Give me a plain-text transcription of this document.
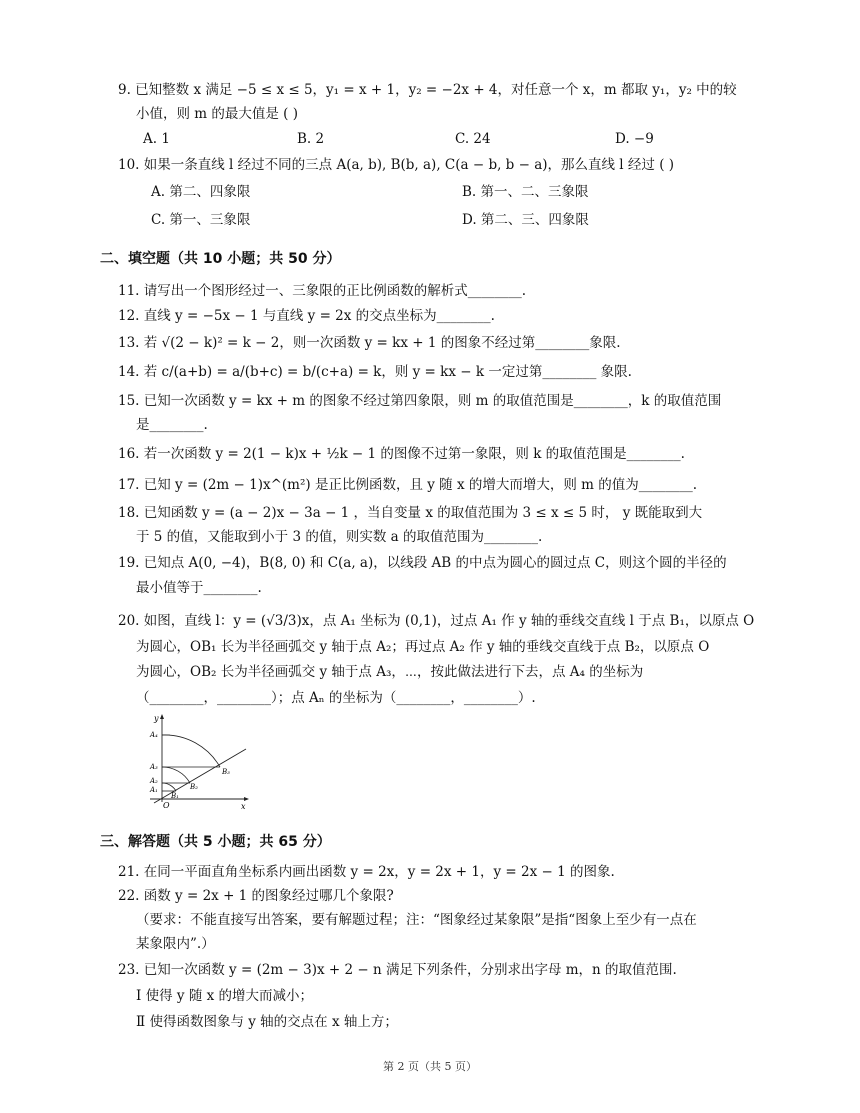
9. 已知整数 x 满足 −5 ≤ x ≤ 5，y₁ = x + 1，y₂ = −2x + 4，对任意一个 x，m 都取 y₁，y₂ 中的较
小值，则 m 的最大值是 ( )
A. 1	B. 2	C. 24	D. −9
10. 如果一条直线 l 经过不同的三点 A(a, b), B(b, a), C(a − b, b − a)，那么直线 l 经过 ( )
A. 第二、四象限	B. 第一、二、三象限
C. 第一、三象限	D. 第二、三、四象限
二、填空题（共 10 小题；共 50 分）
11. 请写出一个图形经过一、三象限的正比例函数的解析式________.
12. 直线 y = −5x − 1 与直线 y = 2x 的交点坐标为________.
13. 若 √(2 − k)² = k − 2，则一次函数 y = kx + 1 的图象不经过第________象限.
14. 若 c/(a+b) = a/(b+c) = b/(c+a) = k，则 y = kx − k 一定过第________ 象限.
15. 已知一次函数 y = kx + m 的图象不经过第四象限，则 m 的取值范围是________，k 的取值范围
是________.
16. 若一次函数 y = 2(1 − k)x + ½k − 1 的图像不过第一象限，则 k 的取值范围是________.
17. 已知 y = (2m − 1)x^(m²) 是正比例函数，且 y 随 x 的增大而增大，则 m 的值为________.
18. 已知函数 y = (a − 2)x − 3a − 1 ，当自变量 x 的取值范围为 3 ≤ x ≤ 5 时， y 既能取到大
于 5 的值，又能取到小于 3 的值，则实数 a 的取值范围为________.
19. 已知点 A(0, −4)，B(8, 0) 和 C(a, a)，以线段 AB 的中点为圆心的圆过点 C，则这个圆的半径的
最小值等于________.
20. 如图，直线 l：y = (√3/3)x，点 A₁ 坐标为 (0,1)，过点 A₁ 作 y 轴的垂线交直线 l 于点 B₁，以原点 O
为圆心，OB₁ 长为半径画弧交 y 轴于点 A₂；再过点 A₂ 作 y 轴的垂线交直线于点 B₂，以原点 O
为圆心，OB₂ 长为半径画弧交 y 轴于点 A₃，⋯，按此做法进行下去，点 A₄ 的坐标为
（________，________）；点 Aₙ 的坐标为（________，________）.
y
x
O
A₄
A₃
A₂
A₁
B₁
B₂
B₃
三、解答题（共 5 小题；共 65 分）
21. 在同一平面直角坐标系内画出函数 y = 2x，y = 2x + 1，y = 2x − 1 的图象.
22. 函数 y = 2x + 1 的图象经过哪几个象限?
（要求：不能直接写出答案，要有解题过程；注：“图象经过某象限”是指“图象上至少有一点在
某象限内”.）
23. 已知一次函数 y = (2m − 3)x + 2 − n 满足下列条件，分别求出字母 m，n 的取值范围.
Ⅰ 使得 y 随 x 的增大而减小；
Ⅱ 使得函数图象与 y 轴的交点在 x 轴上方；
第 2 页（共 5 页）
